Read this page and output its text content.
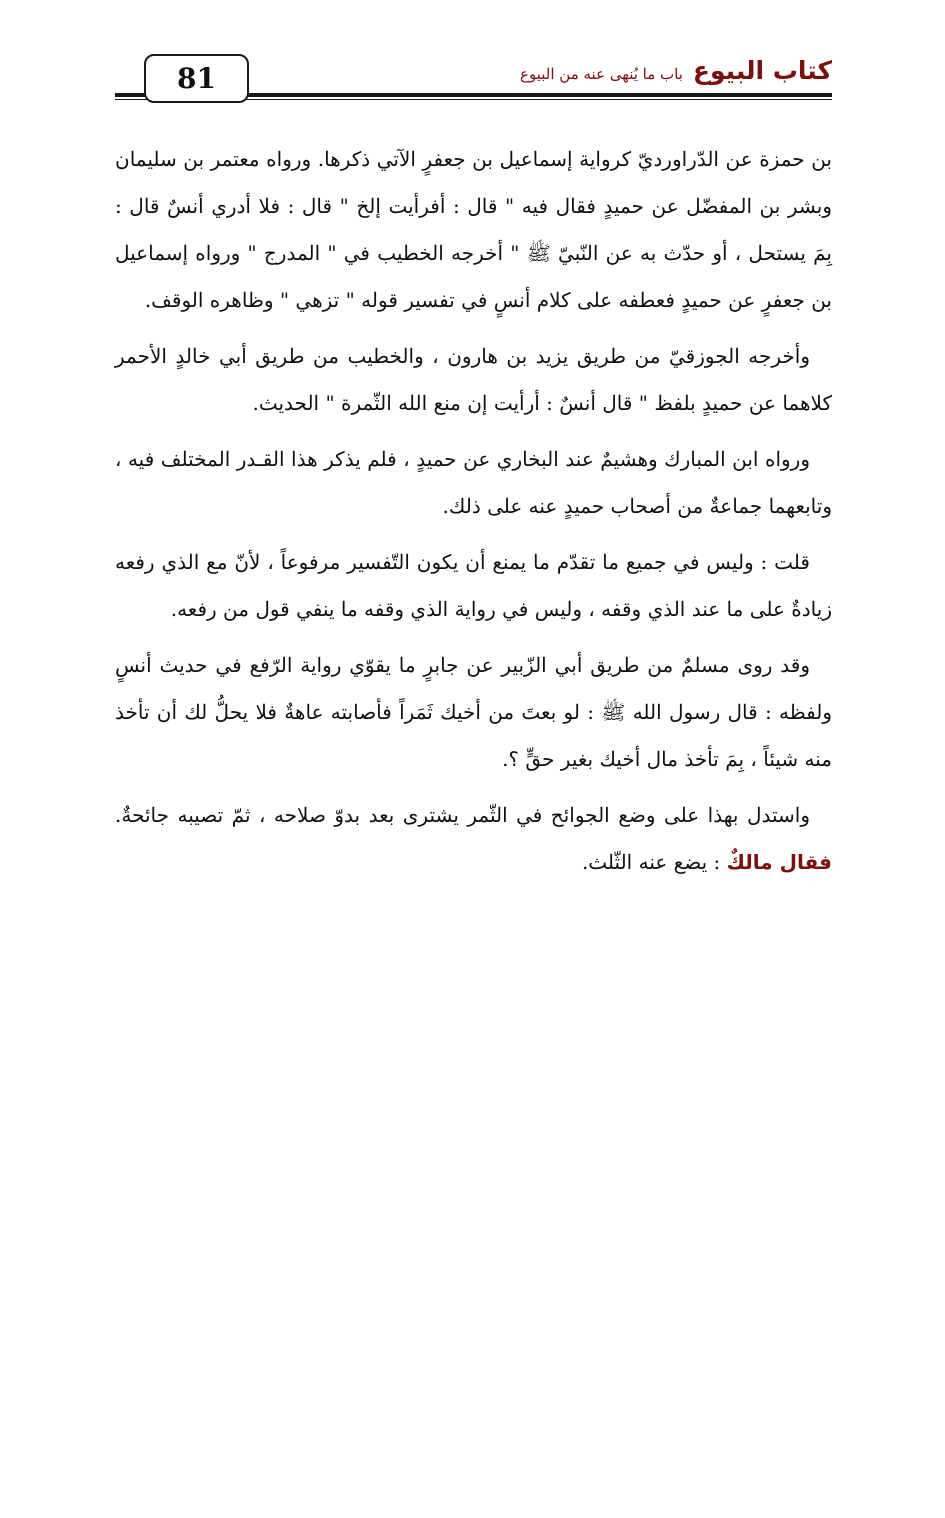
81	كتاب البيوع
باب ما يُنهى عنه من البيوع

بن حمزة عن الدّراورديّ كرواية إسماعيل بن جعفرٍ الآتي ذكرها. ورواه معتمر بن سليمان وبشر بن المفضّل عن حميدٍ فقال فيه " قال : أفرأيت إلخ " قال : فلا أدري أنسٌ قال : بِمَ يستحل ، أو حدّث به عن النّبيّ ﷺ " أخرجه الخطيب في " المدرج " ورواه إسماعيل بن جعفرٍ عن حميدٍ فعطفه على كلام أنسٍ في تفسير قوله " تزهي " وظاهره الوقف.

وأخرجه الجوزقيّ من طريق يزيد بن هارون ، والخطيب من طريق أبي خالدٍ الأحمر كلاهما عن حميدٍ بلفظ " قال أنسٌ : أرأيت إن منع الله الثّمرة " الحديث.

ورواه ابن المبارك وهشيمٌ عند البخاري عن حميدٍ ، فلم يذكر هذا القـدر المختلف فيه ، وتابعهما جماعةٌ من أصحاب حميدٍ عنه على ذلك.

قلت : وليس في جميع ما تقدّم ما يمنع أن يكون التّفسير مرفوعاً ، لأنّ مع الذي رفعه زيادةٌ على ما عند الذي وقفه ، وليس في رواية الذي وقفه ما ينفي قول من رفعه.

وقد روى مسلمٌ من طريق أبي الزّبير عن جابرٍ ما يقوّي رواية الرّفع في حديث أنسٍ ولفظه : قال رسول الله ﷺ : لو بعتَ من أخيك ثَمَراً فأصابته عاهةٌ فلا يحلُّ لك أن تأخذ منه شيئاً ، بِمَ تأخذ مال أخيك بغير حقٍّ ؟.

واستدل بهذا على وضع الجوائح في الثّمر يشترى بعد بدوّ صلاحه ، ثمّ تصيبه جائحةٌ. فقال مالكٌ : يضع عنه الثّلث.
